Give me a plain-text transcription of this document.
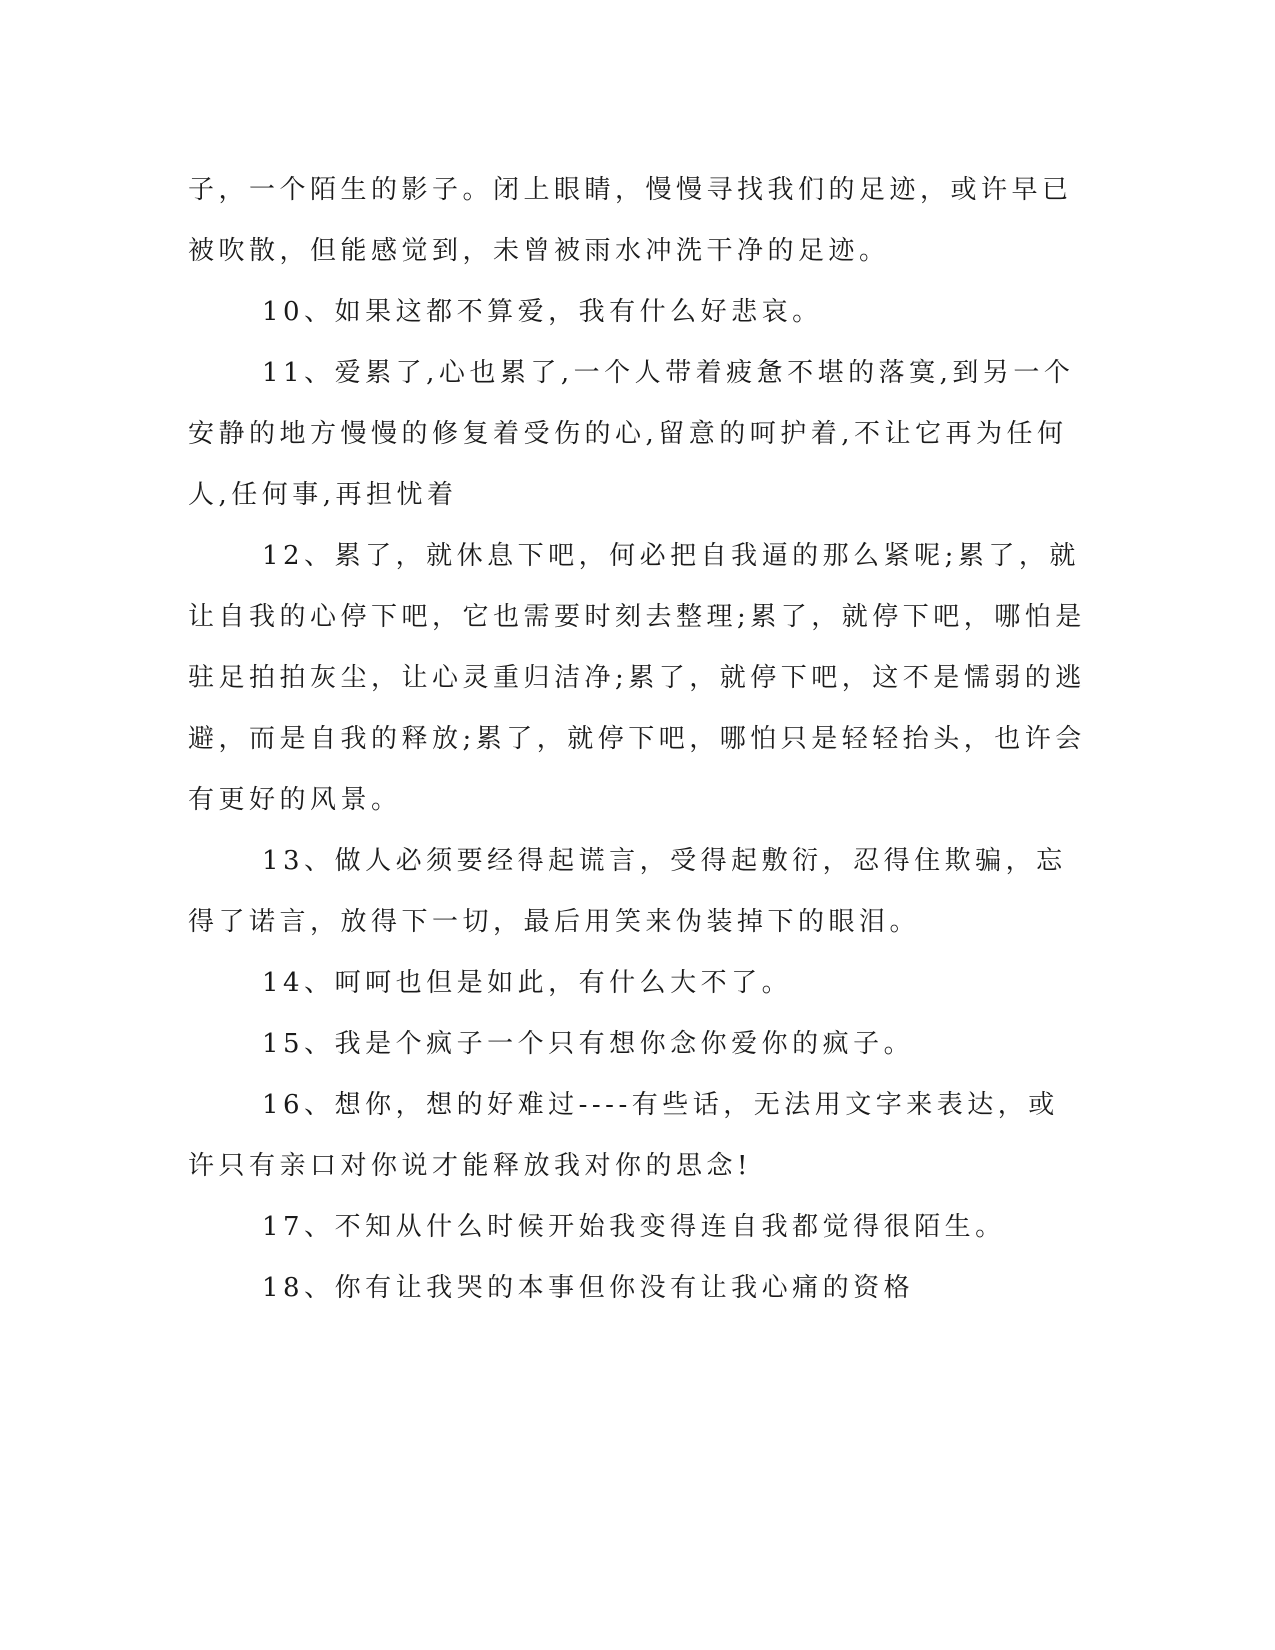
子，一个陌生的影子。闭上眼睛，慢慢寻找我们的足迹，或许早已被吹散，但能感觉到，未曾被雨水冲洗干净的足迹。

10、如果这都不算爱，我有什么好悲哀。

11、爱累了,心也累了,一个人带着疲惫不堪的落寞,到另一个安静的地方慢慢的修复着受伤的心,留意的呵护着,不让它再为任何人,任何事,再担忧着

12、累了，就休息下吧，何必把自我逼的那么紧呢;累了，就让自我的心停下吧，它也需要时刻去整理;累了，就停下吧，哪怕是驻足拍拍灰尘，让心灵重归洁净;累了，就停下吧，这不是懦弱的逃避，而是自我的释放;累了，就停下吧，哪怕只是轻轻抬头，也许会有更好的风景。

13、做人必须要经得起谎言，受得起敷衍，忍得住欺骗，忘得了诺言，放得下一切，最后用笑来伪装掉下的眼泪。

14、呵呵也但是如此，有什么大不了。

15、我是个疯子一个只有想你念你爱你的疯子。

16、想你，想的好难过----有些话，无法用文字来表达，或许只有亲口对你说才能释放我对你的思念!

17、不知从什么时候开始我变得连自我都觉得很陌生。

18、你有让我哭的本事但你没有让我心痛的资格
